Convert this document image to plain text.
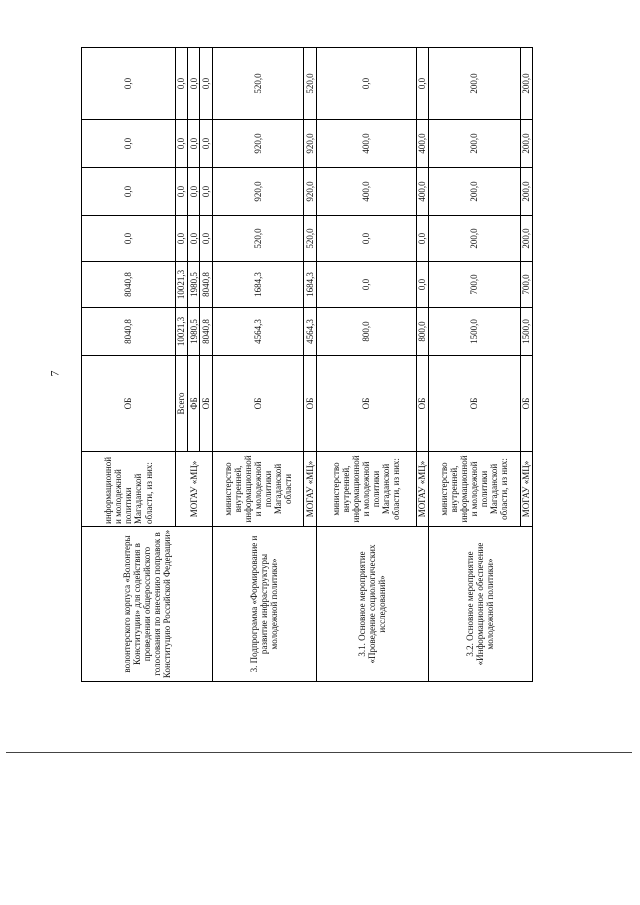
7
волонтерского корпуса «Волонтеры Конституции» для содействия в проведении общероссийского голосования по внесению поправок в Конституцию Российской Федерации»	информационной и молодежной политики Магаданской области, из них:	ОБ	8040,8	8040,8	0,0	0,0	0,0	0,0
	МОГАУ «МЦ»	Всего	10021,3	10021,3	0,0	0,0	0,0	0,0
		ФБ	1980,5	1980,5	0,0	0,0	0,0	0,0
		ОБ	8040,8	8040,8	0,0	0,0	0,0	0,0
3. Подпрограмма «Формирование и развитие инфраструктуры молодежной политики»	министерство внутренней, информационной и молодежной политики Магаданской области	ОБ	4564,3	1684,3	520,0	920,0	920,0	520,0
	МОГАУ «МЦ»	ОБ	4564,3	1684,3	520,0	920,0	920,0	520,0
3.1. Основное мероприятие «Проведение социологических исследований»	министерство внутренней, информационной и молодежной политики Магаданской области, из них:	ОБ	800,0	0,0	0,0	400,0	400,0	0,0
	МОГАУ «МЦ»	ОБ	800,0	0,0	0,0	400,0	400,0	0,0
3.2. Основное мероприятие «Информационное обеспечение молодежной политики»	министерство внутренней, информационной и молодежной политики Магаданской области, из них:	ОБ	1500,0	700,0	200,0	200,0	200,0	200,0
	МОГАУ «МЦ»	ОБ	1500,0	700,0	200,0	200,0	200,0	200,0
